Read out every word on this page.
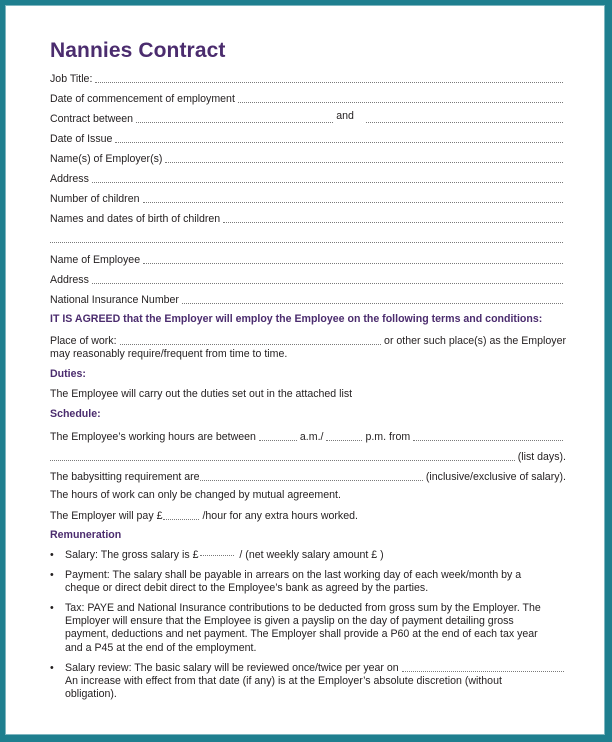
Nannies Contract
Job Title:
Date of commencement of employment
Contract between	and
Date of Issue
Name(s) of Employer(s)
Address
Number of children
Names and dates of birth of children
Name of Employee
Address
National Insurance Number
IT IS AGREED that the Employer will employ the Employee on the following terms and conditions:
Place of work:	or other such place(s) as the Employer
may reasonably require/frequent from time to time.
Duties:
The Employee will carry out the duties set out in the attached list
Schedule:
The Employee’s working hours are between	a.m./	p.m. from
(list days).
The babysitting requirement are	(inclusive/exclusive of salary).
The hours of work can only be changed by mutual agreement.
The Employer will pay £	/hour for any extra hours worked.
Remuneration
• Salary: The gross salary is £	/ (net weekly salary amount £ )
• Payment: The salary shall be payable in arrears on the last working day of each week/month by a
cheque or direct debit direct to the Employee’s bank as agreed by the parties.
• Tax: PAYE and National Insurance contributions to be deducted from gross sum by the Employer. The
Employer will ensure that the Employee is given a payslip on the day of payment detailing gross
payment, deductions and net payment. The Employer shall provide a P60 at the end of each tax year
and a P45 at the end of the employment.
• Salary review: The basic salary will be reviewed once/twice per year on
An increase with effect from that date (if any) is at the Employer’s absolute discretion (without
obligation).
